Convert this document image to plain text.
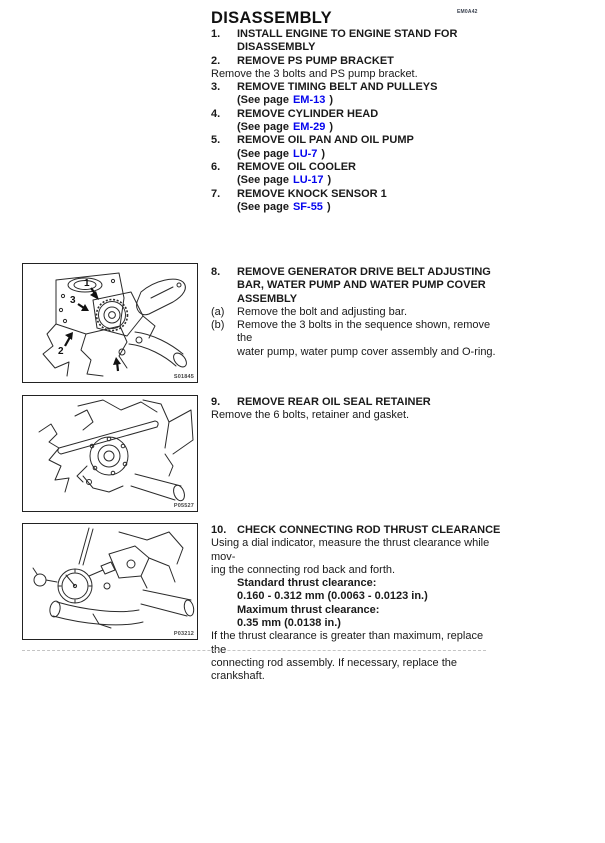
EM0A42
DISASSEMBLY
1.	INSTALL ENGINE TO ENGINE STAND FOR
DISASSEMBLY
2.	REMOVE PS PUMP BRACKET
Remove the 3 bolts and PS pump bracket.
3.	REMOVE TIMING BELT AND PULLEYS
(See page EM-13 )
4.	REMOVE CYLINDER HEAD
(See page EM-29 )
5.	REMOVE OIL PAN AND OIL PUMP
(See page LU-7 )
6.	REMOVE OIL COOLER
(See page LU-17 )
7.	REMOVE KNOCK SENSOR 1
(See page SF-55 )
1
2
3
S01845
P05527
P03212
8.	REMOVE GENERATOR DRIVE BELT ADJUSTING
BAR, WATER PUMP AND WATER PUMP COVER
ASSEMBLY
(a)	Remove the bolt and adjusting bar.
(b)	Remove the 3 bolts in the sequence shown, remove the
water pump, water pump cover assembly and O-ring.
9.	REMOVE REAR OIL SEAL RETAINER
Remove the 6 bolts, retainer and gasket.
10. CHECK CONNECTING ROD THRUST CLEARANCE
Using a dial indicator, measure the thrust clearance while mov-
ing the connecting rod back and forth.
Standard thrust clearance:
0.160 - 0.312 mm (0.0063 - 0.0123 in.)
Maximum thrust clearance:
0.35 mm (0.0138 in.)
If the thrust clearance is greater than maximum, replace the
connecting rod assembly. If necessary, replace the crankshaft.
